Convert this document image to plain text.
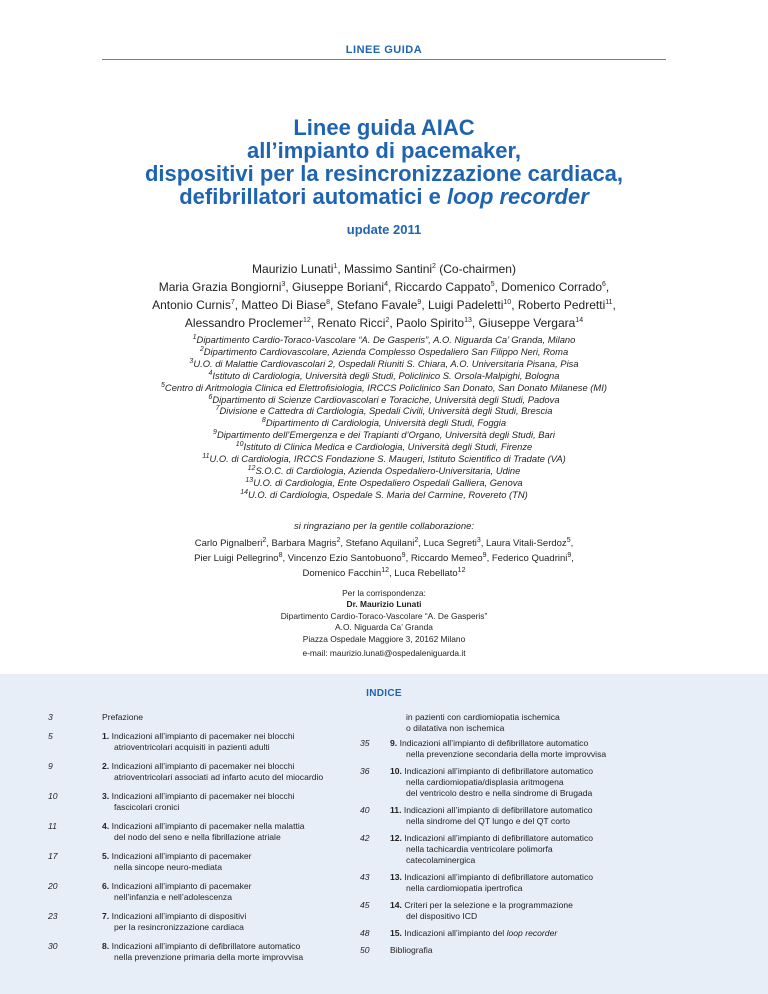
LINEE GUIDA
Linee guida AIAC
all’impianto di pacemaker,
dispositivi per la resincronizzazione cardiaca,
defibrillatori automatici e loop recorder
update 2011
Maurizio Lunati$^1$, Massimo Santini$^2$ (Co-chairmen)
Maria Grazia Bongiorni$^3$, Giuseppe Boriani$^4$, Riccardo Cappato$^5$, Domenico Corrado$^6$,
Antonio Curnis$^7$, Matteo Di Biase$^8$, Stefano Favale$^9$, Luigi Padeletti$^{10}$, Roberto Pedretti$^{11}$,
Alessandro Proclemer$^{12}$, Renato Ricci$^2$, Paolo Spirito$^{13}$, Giuseppe Vergara$^{14}$
$^1$Dipartimento Cardio-Toraco-Vascolare “A. De Gasperis”, A.O. Niguarda Ca’ Granda, Milano
$^2$Dipartimento Cardiovascolare, Azienda Complesso Ospedaliero San Filippo Neri, Roma
$^3$U.O. di Malattie Cardiovascolari 2, Ospedali Riuniti S. Chiara, A.O. Universitaria Pisana, Pisa
$^4$Istituto di Cardiologia, Università degli Studi, Policlinico S. Orsola-Malpighi, Bologna
$^5$Centro di Aritmologia Clinica ed Elettrofisiologia, IRCCS Policlinico San Donato, San Donato Milanese (MI)
$^6$Dipartimento di Scienze Cardiovascolari e Toraciche, Università degli Studi, Padova
$^7$Divisione e Cattedra di Cardiologia, Spedali Civili, Università degli Studi, Brescia
$^8$Dipartimento di Cardiologia, Università degli Studi, Foggia
$^9$Dipartimento dell’Emergenza e dei Trapianti d’Organo, Università degli Studi, Bari
$^{10}$Istituto di Clinica Medica e Cardiologia, Università degli Studi, Firenze
$^{11}$U.O. di Cardiologia, IRCCS Fondazione S. Maugeri, Istituto Scientifico di Tradate (VA)
$^{12}$S.O.C. di Cardiologia, Azienda Ospedaliero-Universitaria, Udine
$^{13}$U.O. di Cardiologia, Ente Ospedaliero Ospedali Galliera, Genova
$^{14}$U.O. di Cardiologia, Ospedale S. Maria del Carmine, Rovereto (TN)
si ringraziano per la gentile collaborazione:
Carlo Pignalberi$^2$, Barbara Magris$^2$, Stefano Aquilani$^2$, Luca Segreti$^3$, Laura Vitali-Serdoz$^5$,
Pier Luigi Pellegrino$^8$, Vincenzo Ezio Santobuono$^9$, Riccardo Memeo$^9$, Federico Quadrini$^9$,
Domenico Facchin$^{12}$, Luca Rebellato$^{12}$
Per la corrispondenza:
Dr. Maurizio Lunati
Dipartimento Cardio-Toraco-Vascolare “A. De Gasperis”
A.O. Niguarda Ca’ Granda
Piazza Ospedale Maggiore 3, 20162 Milano
e-mail: maurizio.lunati@ospedaleniguarda.it
INDICE
3	Prefazione
5	1. Indicazioni all’impianto di pacemaker nei blocchi
atrioventricolari acquisiti in pazienti adulti
9	2. Indicazioni all’impianto di pacemaker nei blocchi
atrioventricolari associati ad infarto acuto del miocardio
10	3. Indicazioni all’impianto di pacemaker nei blocchi
fascicolari cronici
11	4. Indicazioni all’impianto di pacemaker nella malattia
del nodo del seno e nella fibrillazione atriale
17	5. Indicazioni all’impianto di pacemaker
nella sincope neuro-mediata
20	6. Indicazioni all’impianto di pacemaker
nell’infanzia e nell’adolescenza
23	7. Indicazioni all’impianto di dispositivi
per la resincronizzazione cardiaca
30	8. Indicazioni all’impianto di defibrillatore automatico
nella prevenzione primaria della morte improvvisa
in pazienti con cardiomiopatia ischemica
o dilatativa non ischemica
35	9. Indicazioni all’impianto di defibrillatore automatico
nella prevenzione secondaria della morte improvvisa
36	10. Indicazioni all’impianto di defibrillatore automatico
nella cardiomiopatia/displasia aritmogena
del ventricolo destro e nella sindrome di Brugada
40	11. Indicazioni all’impianto di defibrillatore automatico
nella sindrome del QT lungo e del QT corto
42	12. Indicazioni all’impianto di defibrillatore automatico
nella tachicardia ventricolare polimorfa
catecolaminergica
43	13. Indicazioni all’impianto di defibrillatore automatico
nella cardiomiopatia ipertrofica
45	14. Criteri per la selezione e la programmazione
del dispositivo ICD
48	15. Indicazioni all’impianto del loop recorder
50	Bibliografia
